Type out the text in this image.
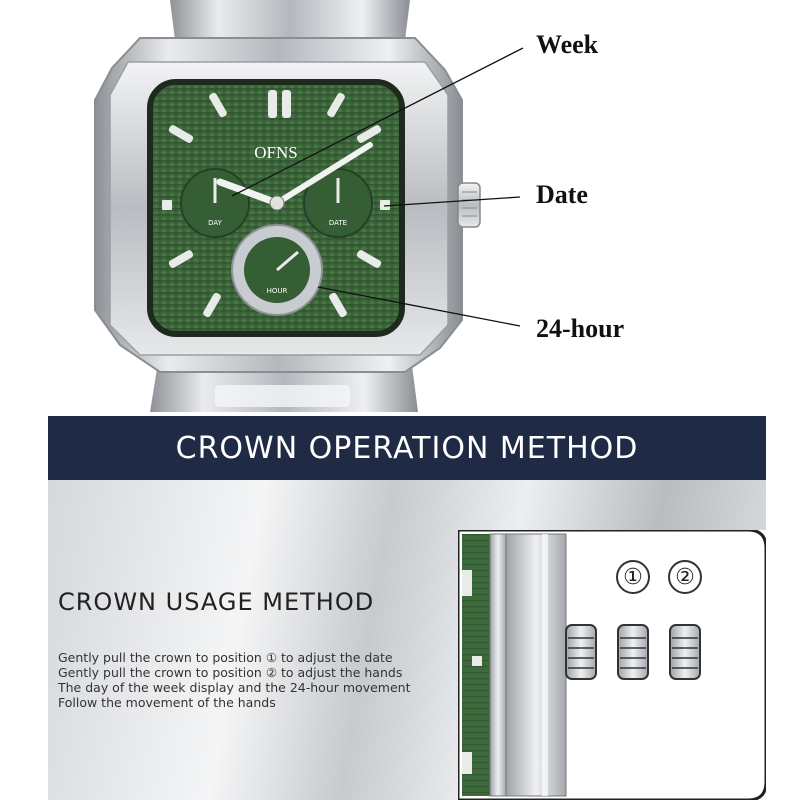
OFNS
DAY	DATE
HOUR
Week
Date
24-hour
CROWN OPERATION METHOD
CROWN USAGE METHOD
Gently pull the crown to position ① to adjust the date
Gently pull the crown to position ② to adjust the hands
The day of the week display and the 24-hour movement
Follow the movement of the hands
①	②
